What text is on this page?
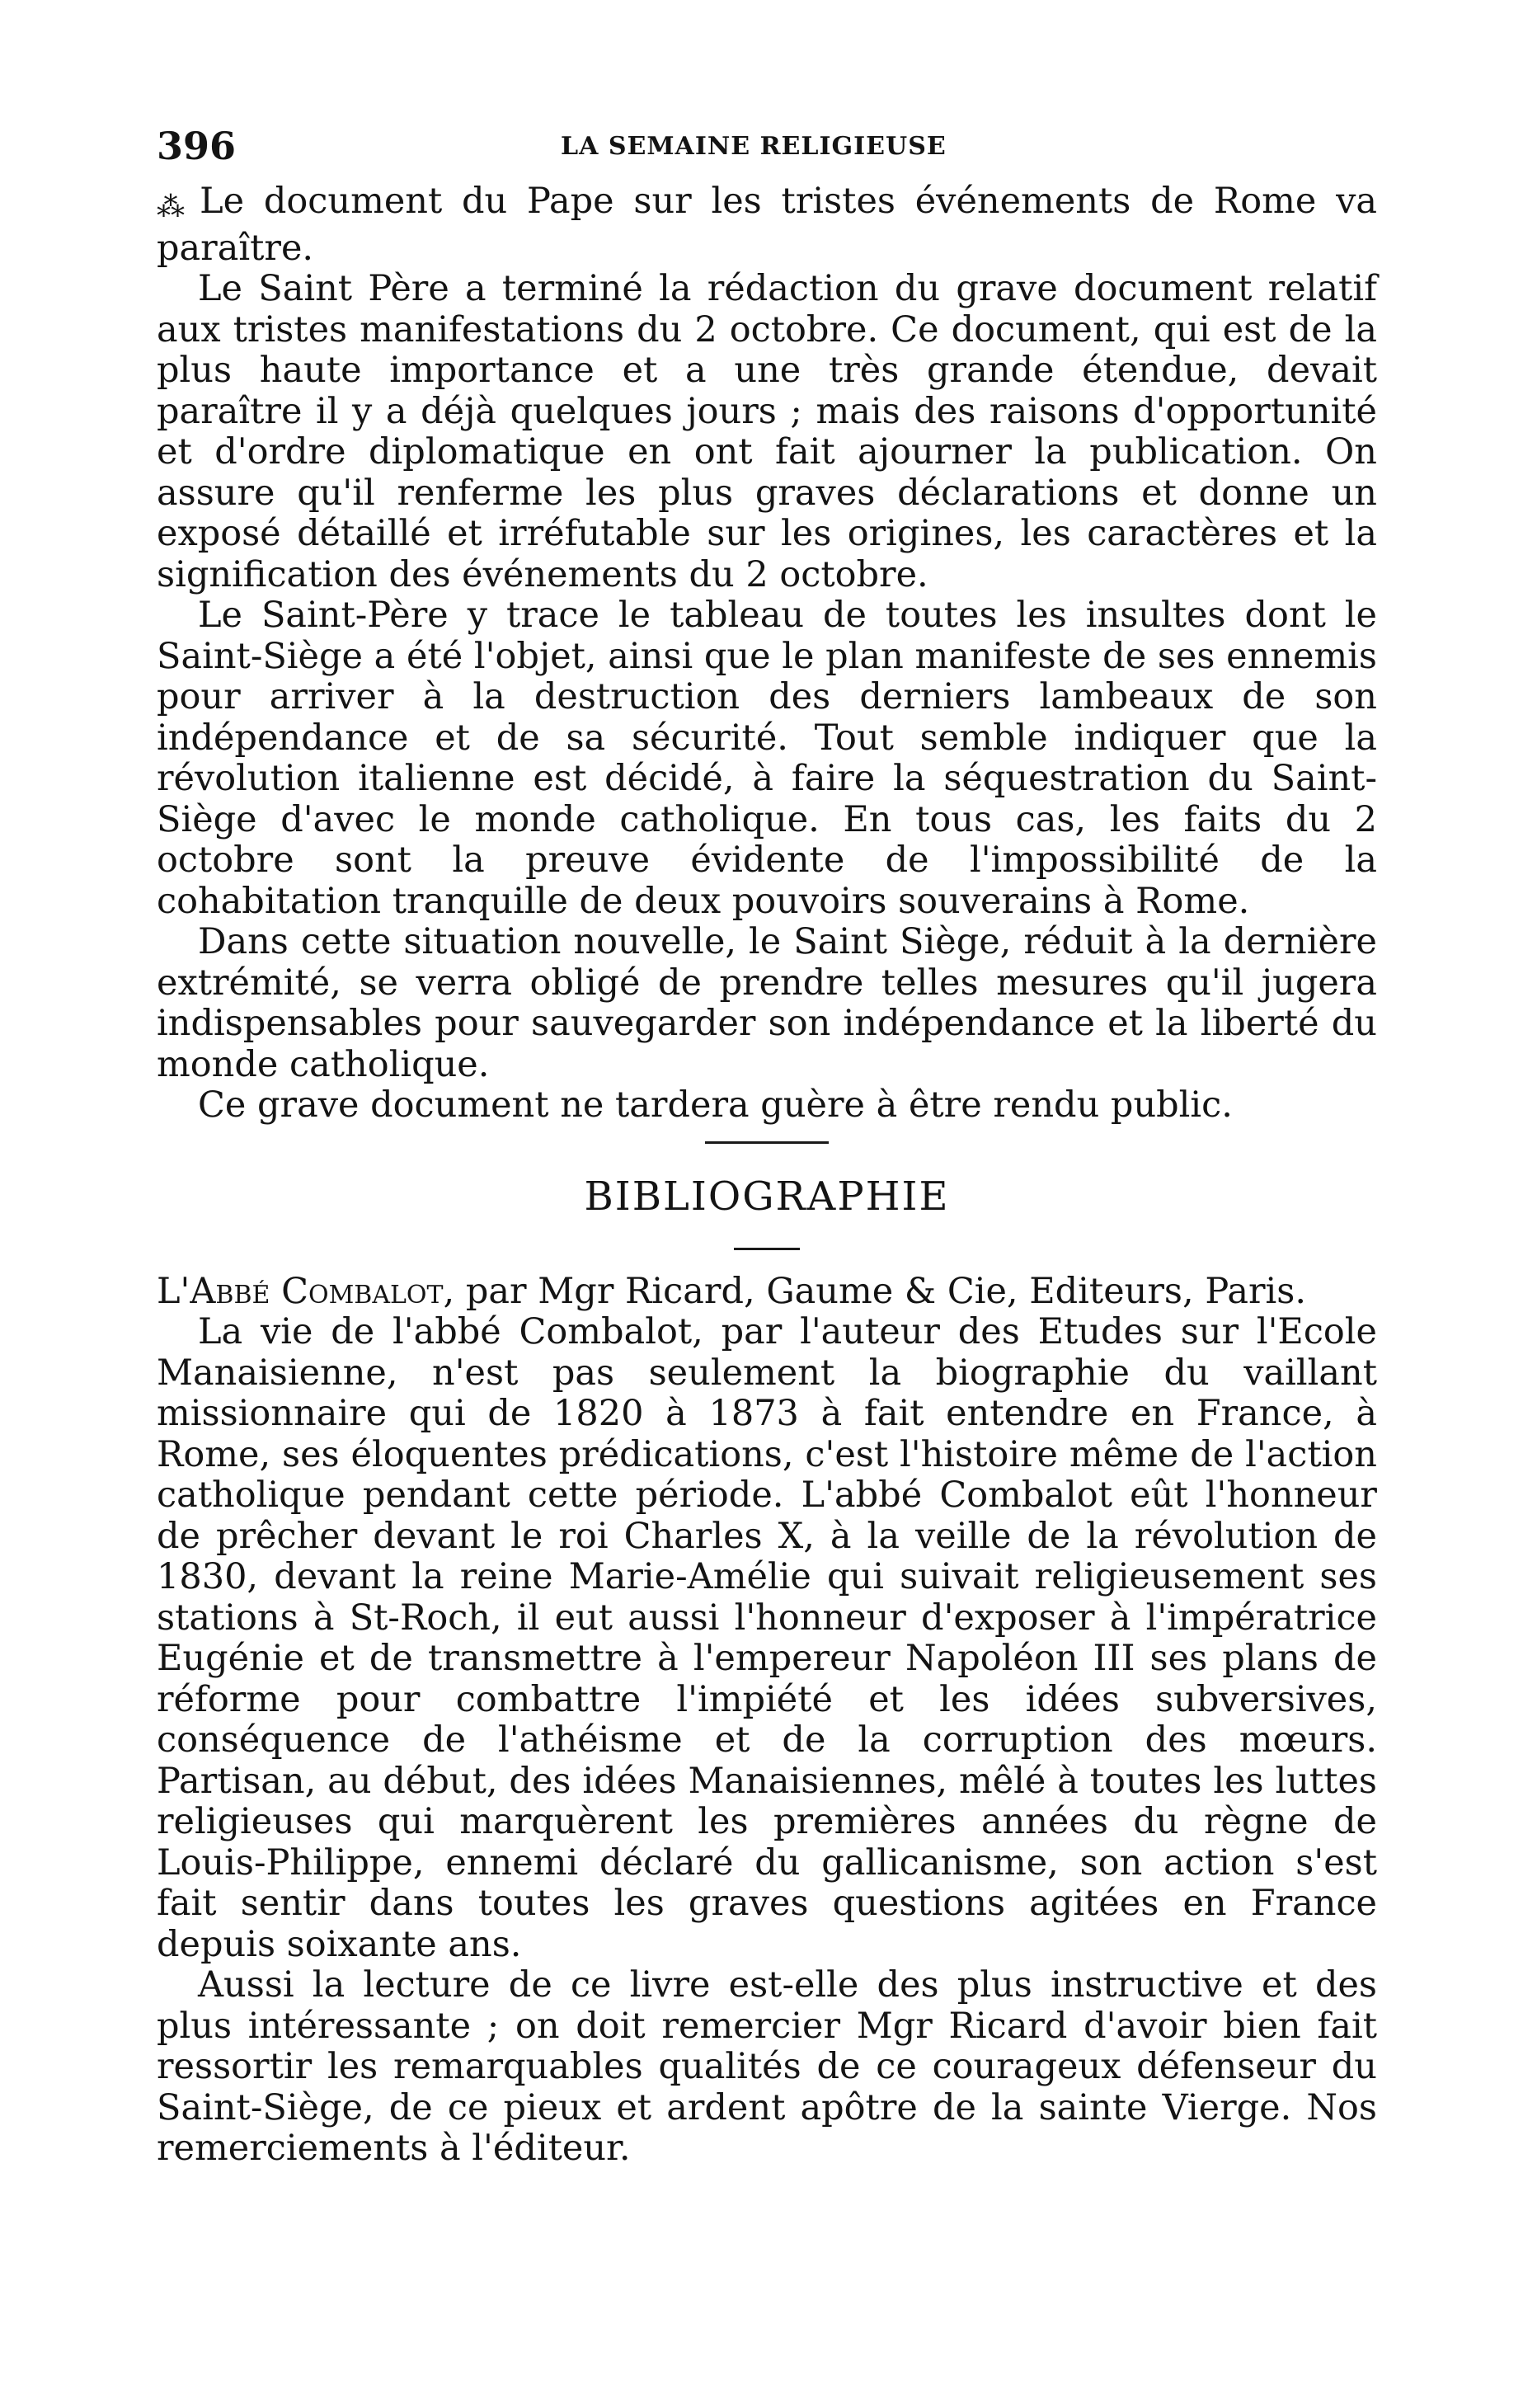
396	LA SEMAINE RELIGIEUSE

⁂ Le document du Pape sur les tristes événements de Rome va paraître.

Le Saint Père a terminé la rédaction du grave document relatif aux tristes manifestations du 2 octobre. Ce document, qui est de la plus haute importance et a une très grande étendue, devait paraître il y a déjà quelques jours ; mais des raisons d'opportunité et d'ordre diplomatique en ont fait ajourner la publication. On assure qu'il renferme les plus graves déclarations et donne un exposé détaillé et irréfutable sur les origines, les caractères et la signification des événements du 2 octobre.

Le Saint-Père y trace le tableau de toutes les insultes dont le Saint-Siège a été l'objet, ainsi que le plan manifeste de ses ennemis pour arriver à la destruction des derniers lambeaux de son indépendance et de sa sécurité. Tout semble indiquer que la révolution italienne est décidé, à faire la séquestration du Saint-Siège d'avec le monde catholique. En tous cas, les faits du 2 octobre sont la preuve évidente de l'impossibilité de la cohabitation tranquille de deux pouvoirs souverains à Rome.

Dans cette situation nouvelle, le Saint Siège, réduit à la dernière extrémité, se verra obligé de prendre telles mesures qu'il jugera indispensables pour sauvegarder son indépendance et la liberté du monde catholique.

Ce grave document ne tardera guère à être rendu public.

BIBLIOGRAPHIE

L'Abbé Combalot, par Mgr Ricard, Gaume & Cie, Editeurs, Paris.

La vie de l'abbé Combalot, par l'auteur des Etudes sur l'Ecole Manaisienne, n'est pas seulement la biographie du vaillant missionnaire qui de 1820 à 1873 à fait entendre en France, à Rome, ses éloquentes prédications, c'est l'histoire même de l'action catholique pendant cette période. L'abbé Combalot eût l'honneur de prêcher devant le roi Charles X, à la veille de la révolution de 1830, devant la reine Marie-Amélie qui suivait religieusement ses stations à St-Roch, il eut aussi l'honneur d'exposer à l'impératrice Eugénie et de transmettre à l'empereur Napoléon III ses plans de réforme pour combattre l'impiété et les idées subversives, conséquence de l'athéisme et de la corruption des mœurs. Partisan, au début, des idées Manaisiennes, mêlé à toutes les luttes religieuses qui marquèrent les premières années du règne de Louis-Philippe, ennemi déclaré du gallicanisme, son action s'est fait sentir dans toutes les graves questions agitées en France depuis soixante ans.

Aussi la lecture de ce livre est-elle des plus instructive et des plus intéressante ; on doit remercier Mgr Ricard d'avoir bien fait ressortir les remarquables qualités de ce courageux défenseur du Saint-Siège, de ce pieux et ardent apôtre de la sainte Vierge. Nos remerciements à l'éditeur.
